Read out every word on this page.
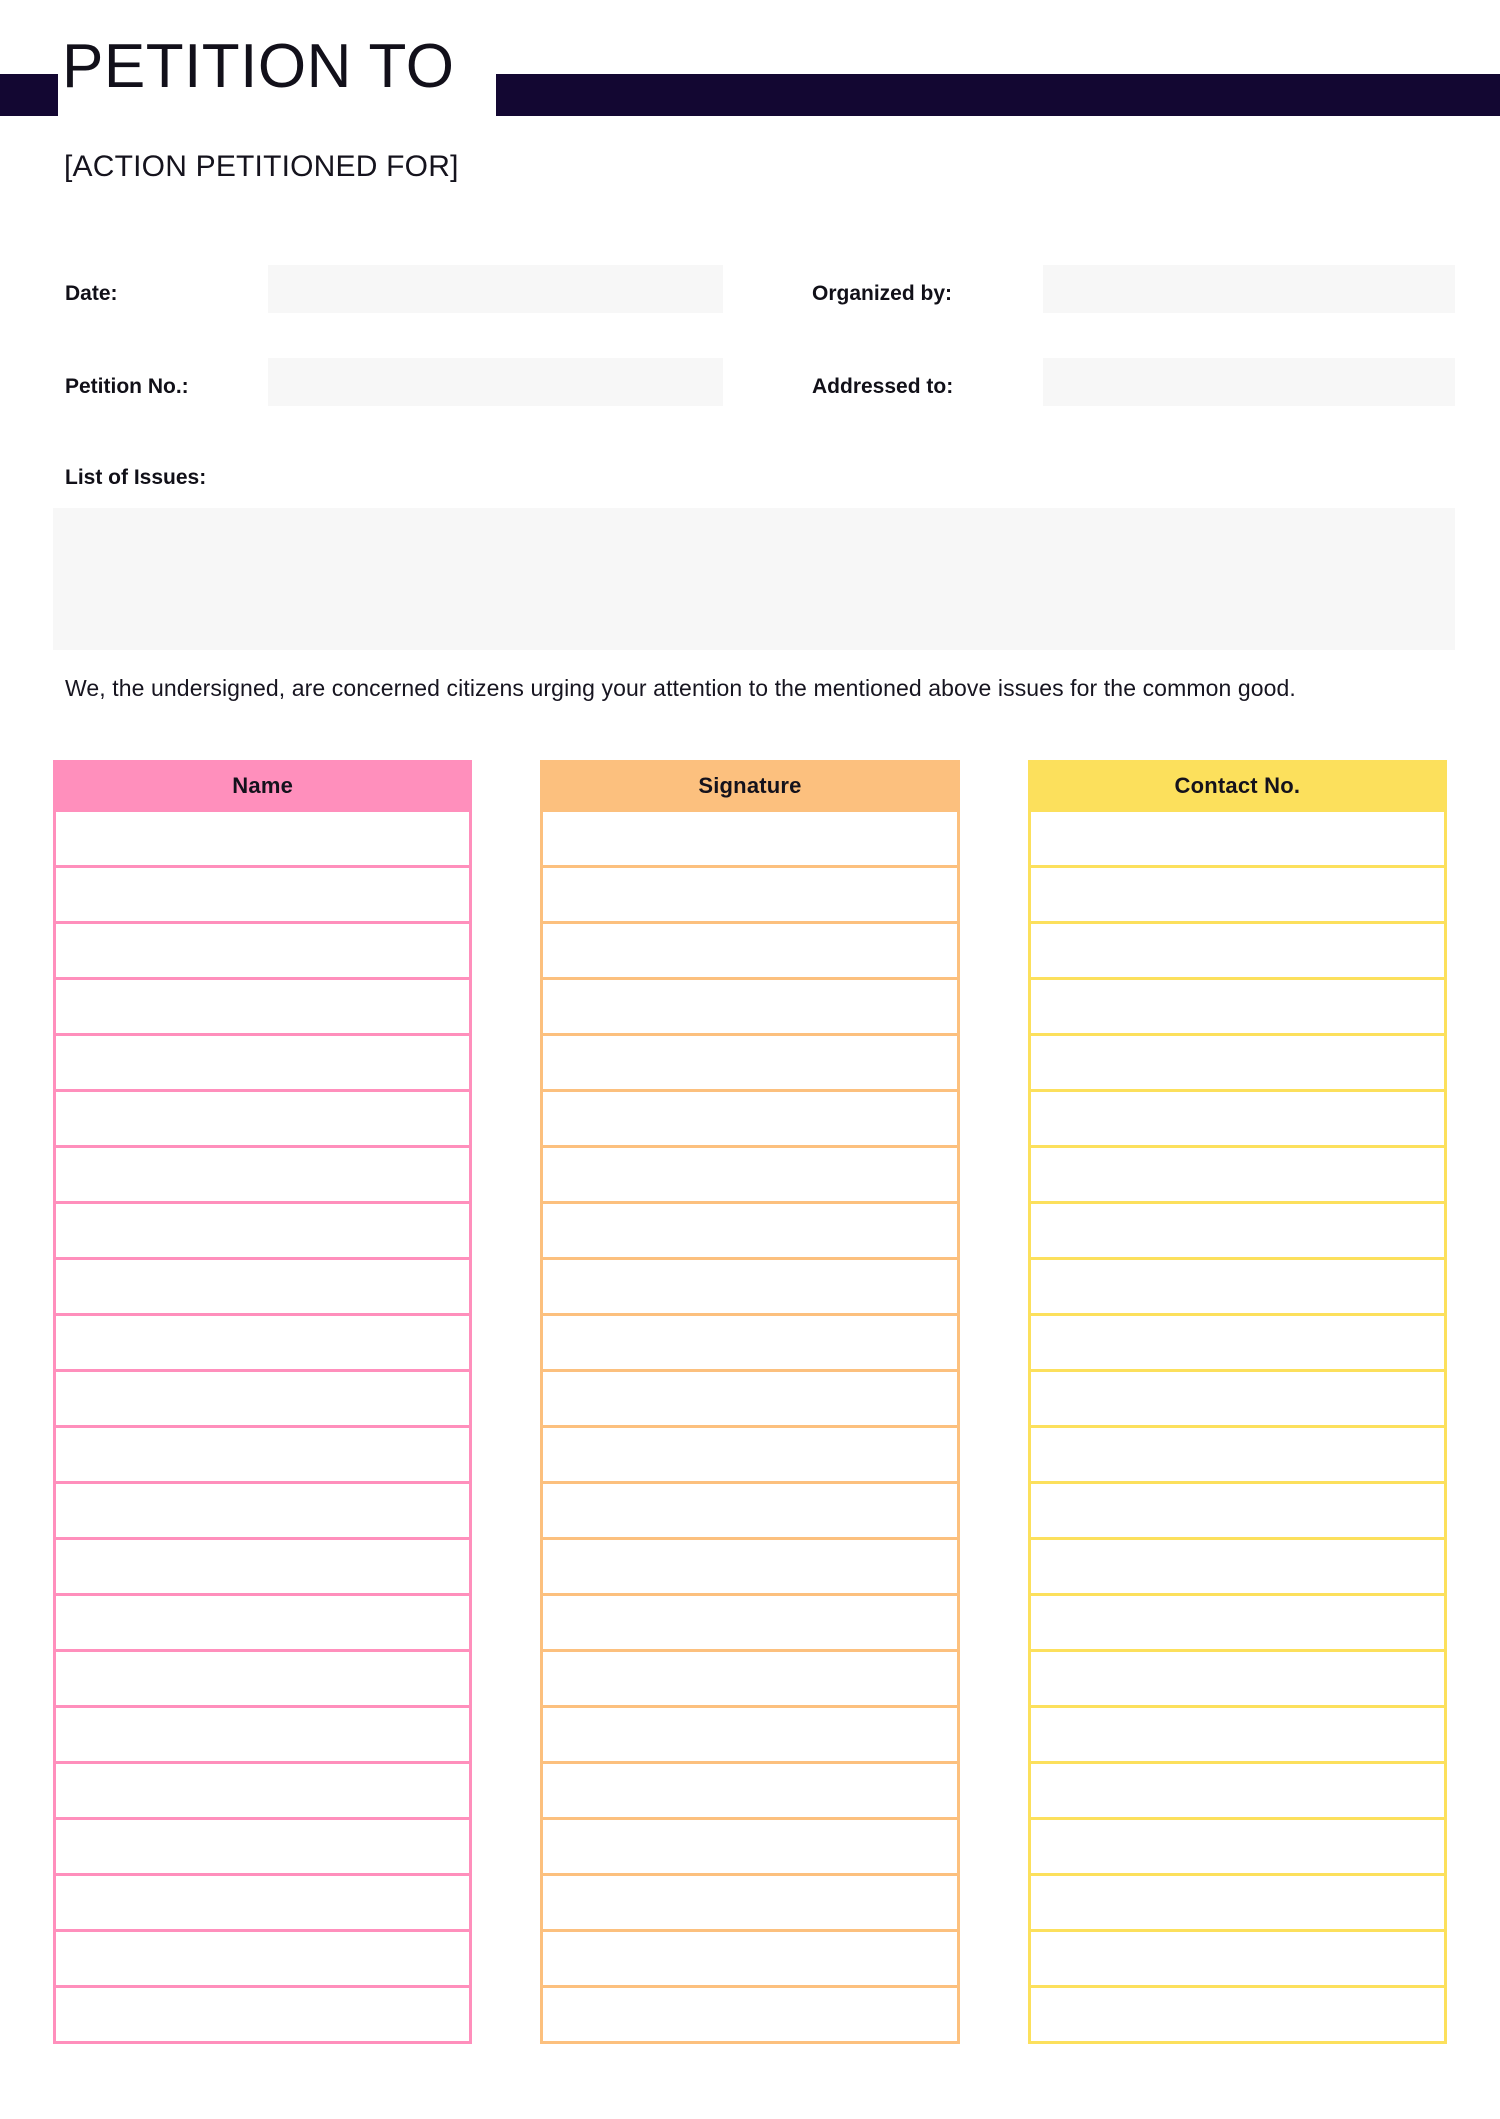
PETITION TO
[ACTION PETITIONED FOR]
Date:	Organized by:
Petition No.:	Addressed to:
List of Issues:
We, the undersigned, are concerned citizens urging your attention to the mentioned above issues for the common good.
Name	Signature	Contact No.
